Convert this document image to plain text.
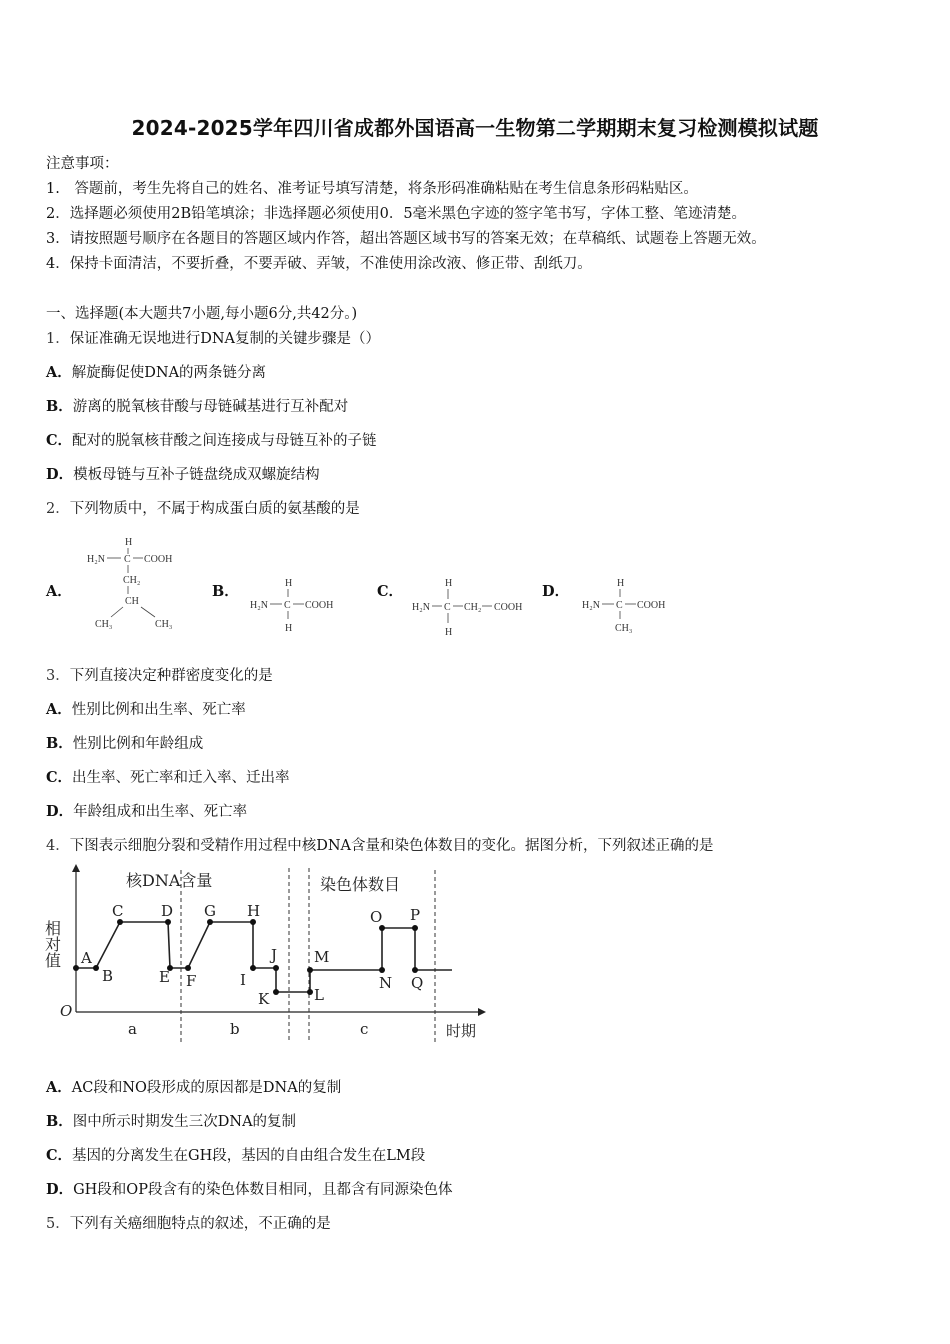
2024-2025学年四川省成都外国语高一生物第二学期期末复习检测模拟试题
注意事项：
1.　答题前，考生先将自己的姓名、准考证号填写清楚，将条形码准确粘贴在考生信息条形码粘贴区。
2．选择题必须使用2B铅笔填涂；非选择题必须使用0．5毫米黑色字迹的签字笔书写，字体工整、笔迹清楚。
3．请按照题号顺序在各题目的答题区域内作答，超出答题区域书写的答案无效；在草稿纸、试题卷上答题无效。
4．保持卡面清洁，不要折叠，不要弄破、弄皱，不准使用涂改液、修正带、刮纸刀。
一、选择题(本大题共7小题,每小题6分,共42分。)
1．保证准确无误地进行DNA复制的关键步骤是（）
A．解旋酶促使DNA的两条链分离
B．游离的脱氧核苷酸与母链碱基进行互补配对
C．配对的脱氧核苷酸之间连接成与母链互补的子链
D．模板母链与互补子链盘绕成双螺旋结构
2．下列物质中，不属于构成蛋白质的氨基酸的是
A．	B．	C．	D．
H
H₂N C COOH
CH₂
CH
CH₃	CH₃
H
H₂N C COOH
H
H
H₂N C CH₂ COOH
H
H
H₂N C COOH
CH₃
3．下列直接决定种群密度变化的是
A．性别比例和出生率、死亡率
B．性别比例和年龄组成
C．出生率、死亡率和迁入率、迁出率
D．年龄组成和出生率、死亡率
4．下图表示细胞分裂和受精作用过程中核DNA含量和染色体数目的变化。据图分析，下列叙述正确的是
相对值
O
时期
核DNA含量	染色体数目
A
B
C	D
E F
G H
I
J
K	L
M
N
O P
Q
a	b	c
A．AC段和NO段形成的原因都是DNA的复制
B．图中所示时期发生三次DNA的复制
C．基因的分离发生在GH段，基因的自由组合发生在LM段
D．GH段和OP段含有的染色体数目相同，且都含有同源染色体
5．下列有关癌细胞特点的叙述，不正确的是
